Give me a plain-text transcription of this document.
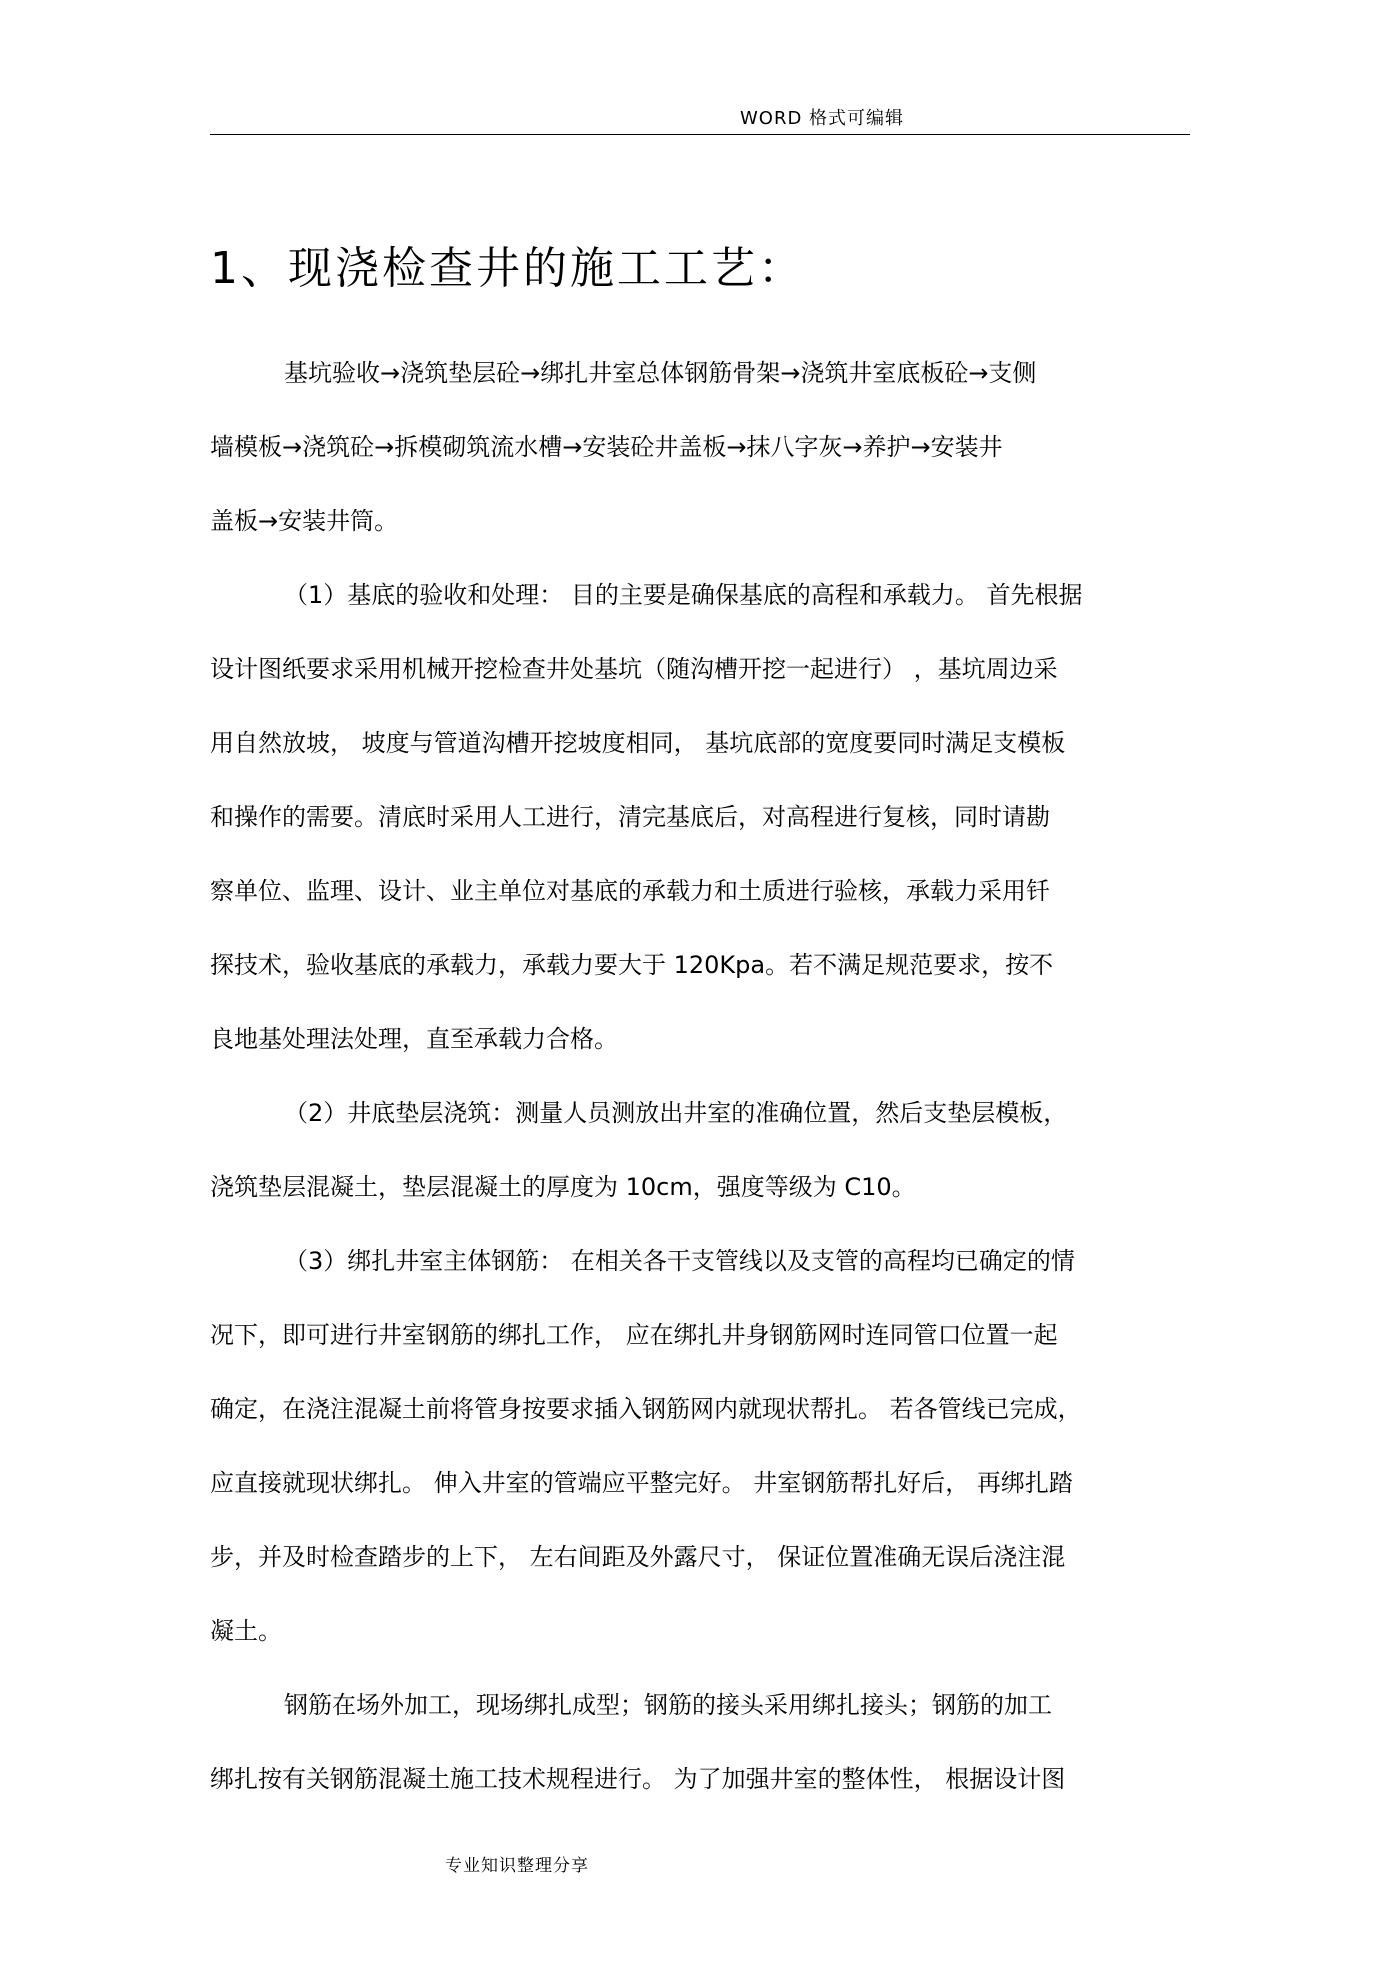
WORD 格式可编辑
1、现浇检查井的施工工艺：
基坑验收→浇筑垫层砼→绑扎井室总体钢筋骨架→浇筑井室底板砼→支侧
墙模板→浇筑砼→拆模砌筑流水槽→安装砼井盖板→抹八字灰→养护→安装井
盖板→安装井筒。
（1）基底的验收和处理： 目的主要是确保基底的高程和承载力。 首先根据
设计图纸要求采用机械开挖检查井处基坑（随沟槽开挖一起进行） ，基坑周边采
用自然放坡， 坡度与管道沟槽开挖坡度相同， 基坑底部的宽度要同时满足支模板
和操作的需要。清底时采用人工进行，清完基底后，对高程进行复核，同时请勘
察单位、监理、设计、业主单位对基底的承载力和土质进行验核，承载力采用钎
探技术，验收基底的承载力，承载力要大于 120Kpa。若不满足规范要求，按不
良地基处理法处理，直至承载力合格。
（2）井底垫层浇筑：测量人员测放出井室的准确位置，然后支垫层模板，
浇筑垫层混凝土，垫层混凝土的厚度为 10cm，强度等级为 C10。
（3）绑扎井室主体钢筋： 在相关各干支管线以及支管的高程均已确定的情
况下，即可进行井室钢筋的绑扎工作， 应在绑扎井身钢筋网时连同管口位置一起
确定，在浇注混凝土前将管身按要求插入钢筋网内就现状帮扎。 若各管线已完成，
应直接就现状绑扎。 伸入井室的管端应平整完好。 井室钢筋帮扎好后， 再绑扎踏
步，并及时检查踏步的上下， 左右间距及外露尺寸， 保证位置准确无误后浇注混
凝土。
钢筋在场外加工，现场绑扎成型；钢筋的接头采用绑扎接头；钢筋的加工
绑扎按有关钢筋混凝土施工技术规程进行。 为了加强井室的整体性， 根据设计图
专业知识整理分享
